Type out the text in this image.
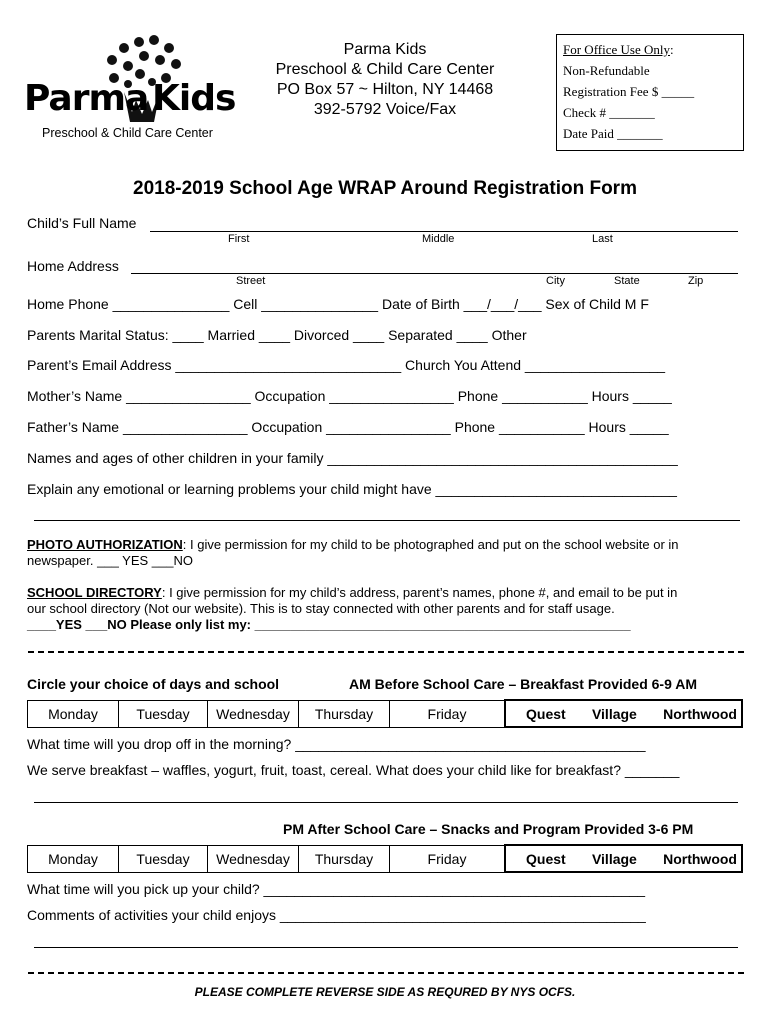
Parma Kids
Preschool & Child Care Center
Parma Kids
Preschool & Child Care Center
PO Box 57 ~ Hilton, NY 14468
392-5792 Voice/Fax
For Office Use Only:
Non-Refundable
Registration Fee $ _____
Check # _______
Date Paid _______
2018-2019 School Age WRAP Around Registration Form
Child’s Full Name
First	Middle	Last
Home Address
Street	City	State	Zip
Home Phone _______________ Cell _______________ Date of Birth ___/___/___ Sex of Child M F
Parents Marital Status: ____ Married ____ Divorced ____ Separated ____ Other
Parent’s Email Address _____________________________ Church You Attend __________________
Mother’s Name ________________ Occupation ________________ Phone ___________ Hours _____
Father’s Name ________________ Occupation ________________ Phone ___________ Hours _____
Names and ages of other children in your family _____________________________________________
Explain any emotional or learning problems your child might have _______________________________
PHOTO AUTHORIZATION: I give permission for my child to be photographed and put on the school website or in
newspaper. ___ YES ___NO
SCHOOL DIRECTORY: I give permission for my child’s address, parent’s names, phone #, and email to be put in
our school directory (Not our website). This is to stay connected with other parents and for staff usage.
____YES ___NO Please only list my: ____________________________________________________
Circle your choice of days and school	AM Before School Care – Breakfast Provided 6-9 AM
Monday	Tuesday	Wednesday	Thursday	Friday	Quest Village Northwood
What time will you drop off in the morning? _____________________________________________
We serve breakfast – waffles, yogurt, fruit, toast, cereal. What does your child like for breakfast? _______
PM After School Care – Snacks and Program Provided 3-6 PM
Monday	Tuesday	Wednesday	Thursday	Friday	Quest Village Northwood
What time will you pick up your child? _________________________________________________
Comments of activities your child enjoys _______________________________________________
PLEASE COMPLETE REVERSE SIDE AS REQURED BY NYS OCFS.
